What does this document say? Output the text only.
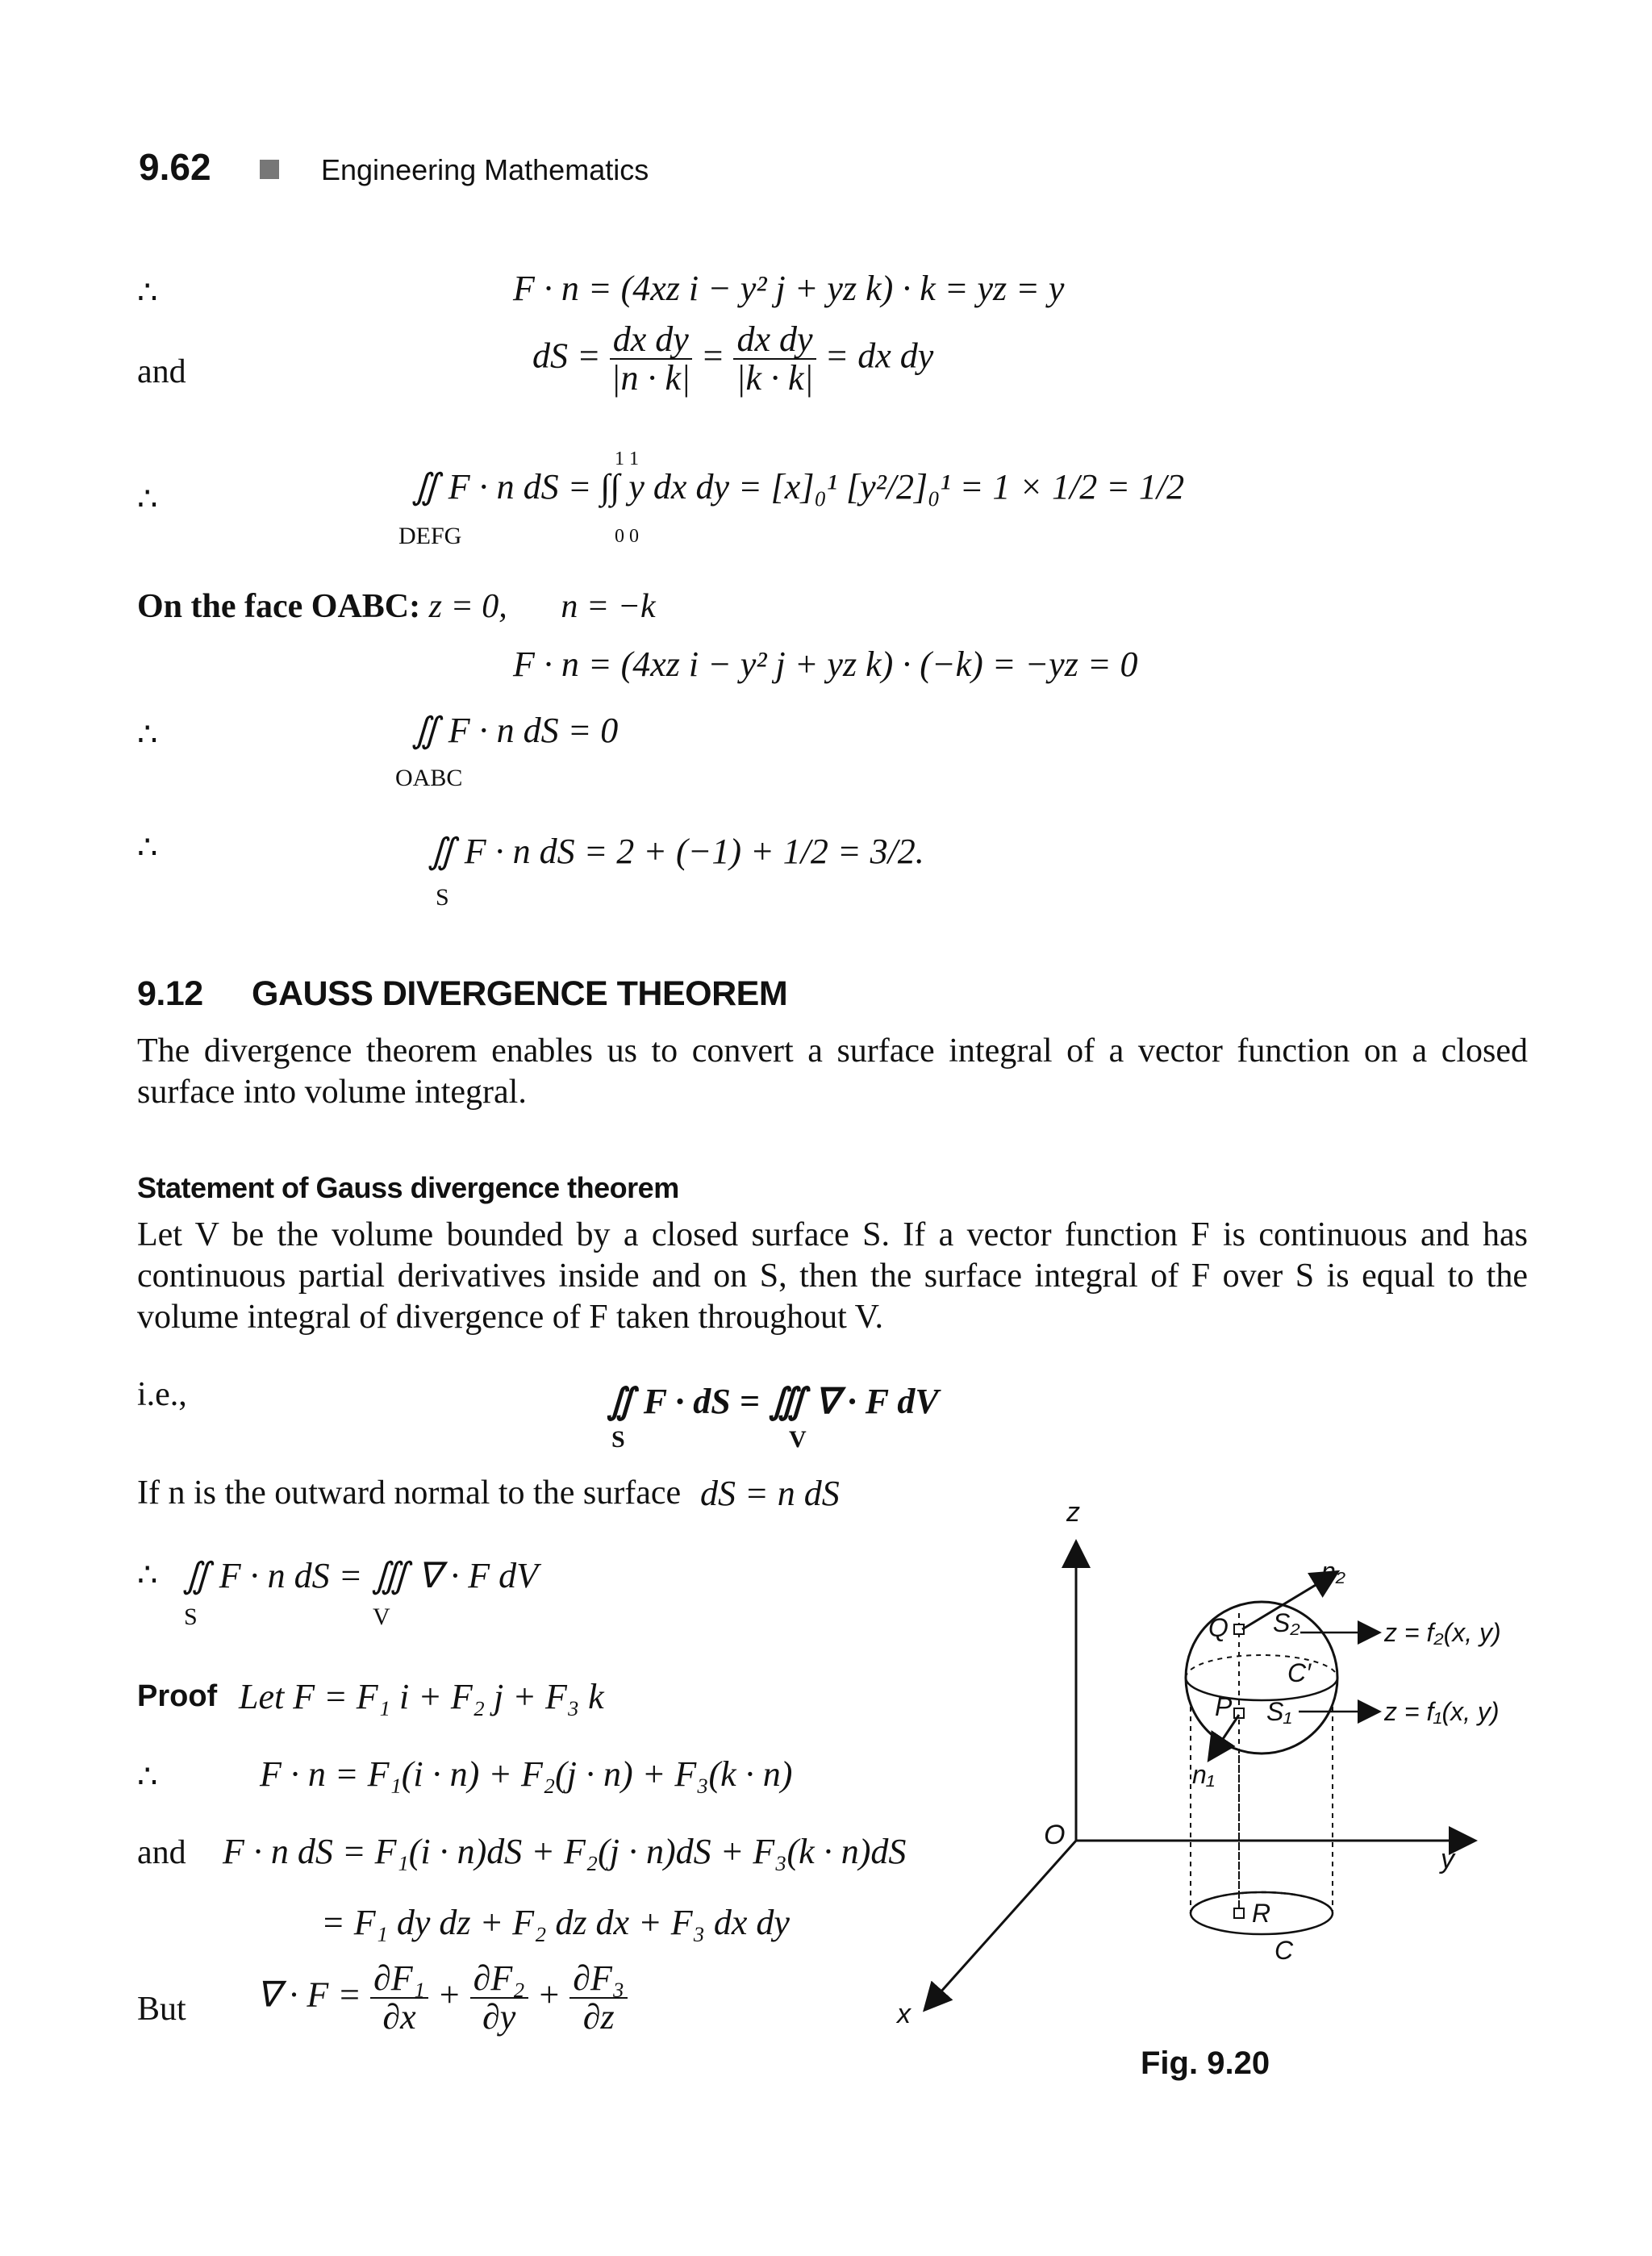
9.62	Engineering Mathematics
∴	F · n = (4xz i − y² j + yz k) · k = yz = y
and	dS = $\frac{\text{dx dy}}{|n \cdot k|} = \frac{\text{dx dy}}{|k \cdot k|}$ = dx dy
∴	∬ F · n dS = ∫∫ y dx dy = [x]₀¹ [y²/2]₀¹ = 1 × 1/2 = 1/2
DEFG
1 1
0 0
On the face OABC: z = 0, n = −k
F · n = (4xz i − y² j + yz k) · (−k) = −yz = 0
∴	∬ F · n dS = 0
OABC
∴	∬ F · n dS = 2 + (−1) + 1/2 = 3/2.
S
9.12 GAUSS DIVERGENCE THEOREM
The divergence theorem enables us to convert a surface integral of a vector function on a closed surface into volume integral.
Statement of Gauss divergence theorem
Let V be the volume bounded by a closed surface S. If a vector function F is continuous and has continuous partial derivatives inside and on S, then the surface integral of F over S is equal to the volume integral of divergence of F taken throughout V.
i.e.,	∬ F · dS = ∭ ∇ · F dV
S	V
If n is the outward normal to the surface dS = n dS
∴ ∬ F · n dS = ∭ ∇ · F dV
S	V
Proof Let F = F₁ i + F₂ j + F₃ k
∴	F · n = F₁(i · n) + F₂(j · n) + F₃(k · n)
and F · n dS = F₁(i · n)dS + F₂(j · n)dS + F₃(k · n)dS
= F₁ dy dz + F₂ dz dx + F₃ dx dy
But ∇ · $F = \frac{\text{∂F₁}}{\partial x} + \frac{\text{∂F₂}}{\partial y} + \frac{\text{∂F₃}}{\partial z}$
z
y
x
O
n₂
n₁
Q
P
S₂
S₁
C′
R
C
z = f₂(x, y)
z = f₁(x, y)
Fig. 9.20
